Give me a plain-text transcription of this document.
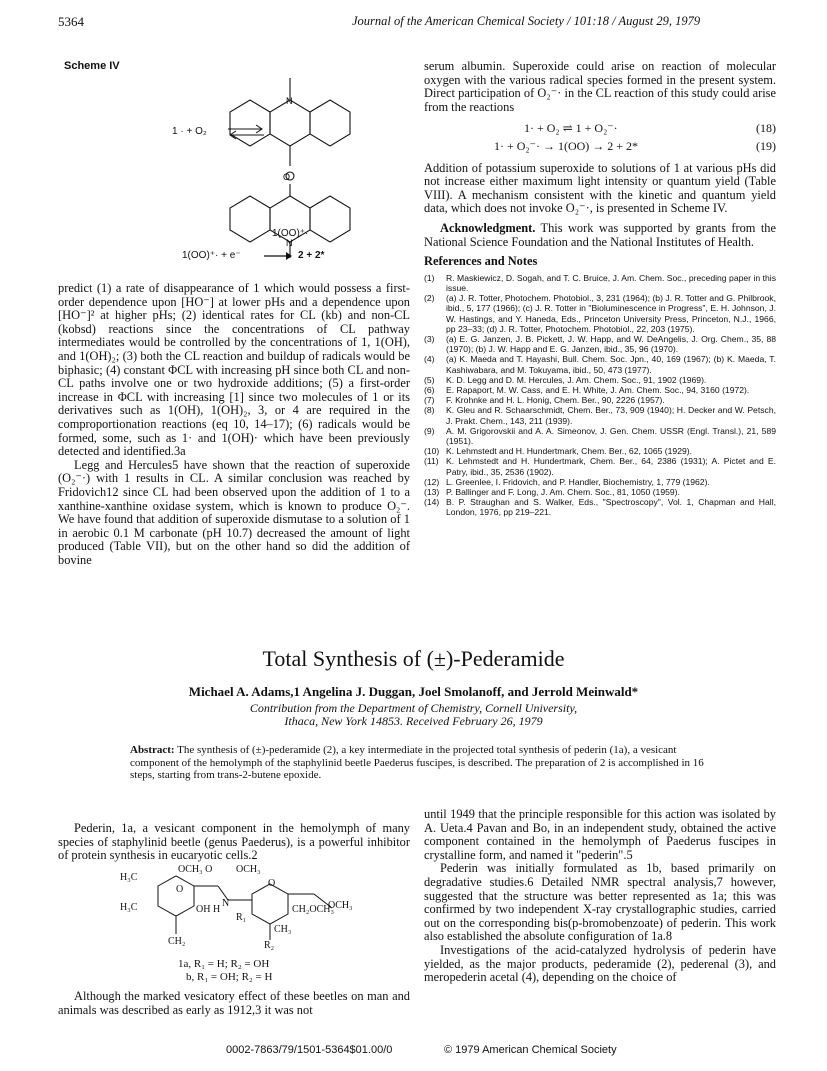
5364	Journal of the American Chemical Society / 101:18 / August 29, 1979
Scheme IV
N
O
N
1 · + O₂ ⇌
1(OO)⁺·
1(OO)⁺· + e⁻	2 + 2*

predict (1) a rate of disappearance of 1 which would possess a first-order dependence upon [HO⁻] at lower pHs and a dependence upon [HO⁻]² at higher pHs; (2) identical rates for CL (kb) and non-CL (kobsd) reactions since the concentrations of CL pathway intermediates would be controlled by the concentrations of 1, 1(OH), and 1(OH)₂; (3) both the CL reaction and buildup of radicals would be biphasic; (4) constant ΦCL with increasing pH since both CL and non-CL paths involve one or two hydroxide additions; (5) a first-order increase in ΦCL with increasing [1] since two molecules of 1 or its derivatives such as 1(OH), 1(OH)₂, 3, or 4 are required in the comproportionation reactions (eq 10, 14–17); (6) radicals would be formed, some, such as 1· and 1(OH)· which have been previously detected and identified.3a

Legg and Hercules5 have shown that the reaction of superoxide (O₂⁻·) with 1 results in CL. A similar conclusion was reached by Fridovich12 since CL had been observed upon the addition of 1 to a xanthine-xanthine oxidase system, which is known to produce O₂⁻. We have found that addition of superoxide dismutase to a solution of 1 in aerobic 0.1 M carbonate (pH 10.7) decreased the amount of light produced (Table VII), but on the other hand so did the addition of bovine

serum albumin. Superoxide could arise on reaction of molecular oxygen with the various radical species formed in the present system. Direct participation of O₂⁻· in the CL reaction of this study could arise from the reactions

1· + O₂ ⇌ 1 + O₂⁻·	(18)
1· + O₂⁻· → 1(OO) → 2 + 2*	(19)

Addition of potassium superoxide to solutions of 1 at various pHs did not increase either maximum light intensity or quantum yield (Table VIII). A mechanism consistent with the kinetic and quantum yield data, which does not invoke O₂⁻·, is presented in Scheme IV.

Acknowledgment. This work was supported by grants from the National Science Foundation and the National Institutes of Health.

References and Notes
(1)	R. Maskiewicz, D. Sogah, and T. C. Bruice, J. Am. Chem. Soc., preceding paper in this issue.
(2)	(a) J. R. Totter, Photochem. Photobiol., 3, 231 (1964); (b) J. R. Totter and G. Philbrook, ibid., 5, 177 (1966); (c) J. R. Totter in "Bioluminescence in Progress", E. H. Johnson, J. W. Hastings, and Y. Haneda, Eds., Princeton University Press, Princeton, N.J., 1966, pp 23–33; (d) J. R. Totter, Photochem. Photobiol., 22, 203 (1975).
(3)	(a) E. G. Janzen, J. B. Pickett, J. W. Happ, and W. DeAngelis, J. Org. Chem., 35, 88 (1970); (b) J. W. Happ and E. G. Janzen, ibid., 35, 96 (1970).
(4)	(a) K. Maeda and T. Hayashi, Bull. Chem. Soc. Jpn., 40, 169 (1967); (b) K. Maeda, T. Kashiwabara, and M. Tokuyama, ibid., 50, 473 (1977).
(5)	K. D. Legg and D. M. Hercules, J. Am. Chem. Soc., 91, 1902 (1969).
(6)	E. Rapaport, M. W. Cass, and E. H. White, J. Am. Chem. Soc., 94, 3160 (1972).
(7)	F. Krohnke and H. L. Honig, Chem. Ber., 90, 2226 (1957).
(8)	K. Gleu and R. Schaarschmidt, Chem. Ber., 73, 909 (1940); H. Decker and W. Petsch, J. Prakt. Chem., 143, 211 (1939).
(9)	A. M. Grigorovskii and A. A. Simeonov, J. Gen. Chem. USSR (Engl. Transl.), 21, 589 (1951).
(10) K. Lehmstedt and H. Hundertmark, Chem. Ber., 62, 1065 (1929).
(11) K. Lehmstedt and H. Hundertmark, Chem. Ber., 64, 2386 (1931); A. Pictet and E. Patry, ibid., 35, 2536 (1902).
(12) L. Greenlee, I. Fridovich, and P. Handler, Biochemistry, 1, 779 (1962).
(13) P. Ballinger and F. Long, J. Am. Chem. Soc., 81, 1050 (1959).
(14) B. P. Straughan and S. Walker, Eds., "Spectroscopy", Vol. 1, Chapman and Hall, London, 1976, pp 219–221.
Total Synthesis of (±)-Pederamide
Michael A. Adams,1 Angelina J. Duggan, Joel Smolanoff, and Jerrold Meinwald*
Contribution from the Department of Chemistry, Cornell University,
Ithaca, New York 14853. Received February 26, 1979
Abstract: The synthesis of (±)-pederamide (2), a key intermediate in the projected total synthesis of pederin (1a), a vesicant component of the hemolymph of the staphylinid beetle Paederus fuscipes, is described. The preparation of 2 is accomplished in 16 steps, starting from trans-2-butene epoxide.

Pederin, 1a, a vesicant component in the hemolymph of many species of staphylinid beetle (genus Paederus), is a powerful inhibitor of protein synthesis in eucaryotic cells.2

OCH₃ O OCH₃
H₃C
O
N
O
OCH₃
H₃C	OH H
R₁
CH₂OCH₃
CH₂	R₂
CH₃
1a, R₁ = H; R₂ = OH
b, R₁ = OH; R₂ = H

Although the marked vesicatory effect of these beetles on man and animals was described as early as 1912,3 it was not

until 1949 that the principle responsible for this action was isolated by A. Ueta.4 Pavan and Bo, in an independent study, obtained the active component contained in the hemolymph of Paederus fuscipes in crystalline form, and named it "pederin".5

Pederin was initially formulated as 1b, based primarily on degradative studies.6 Detailed NMR spectral analysis,7 however, suggested that the structure was better represented as 1a; this was confirmed by two independent X-ray crystallographic studies, carried out on the corresponding bis(p-bromobenzoate) of pederin. This work also established the absolute configuration of 1a.8

Investigations of the acid-catalyzed hydrolysis of pederin have yielded, as the major products, pederamide (2), pederenal (3), and meropederin acetal (4), depending on the choice of

0002-7863/79/1501-5364$01.00/0	© 1979 American Chemical Society
